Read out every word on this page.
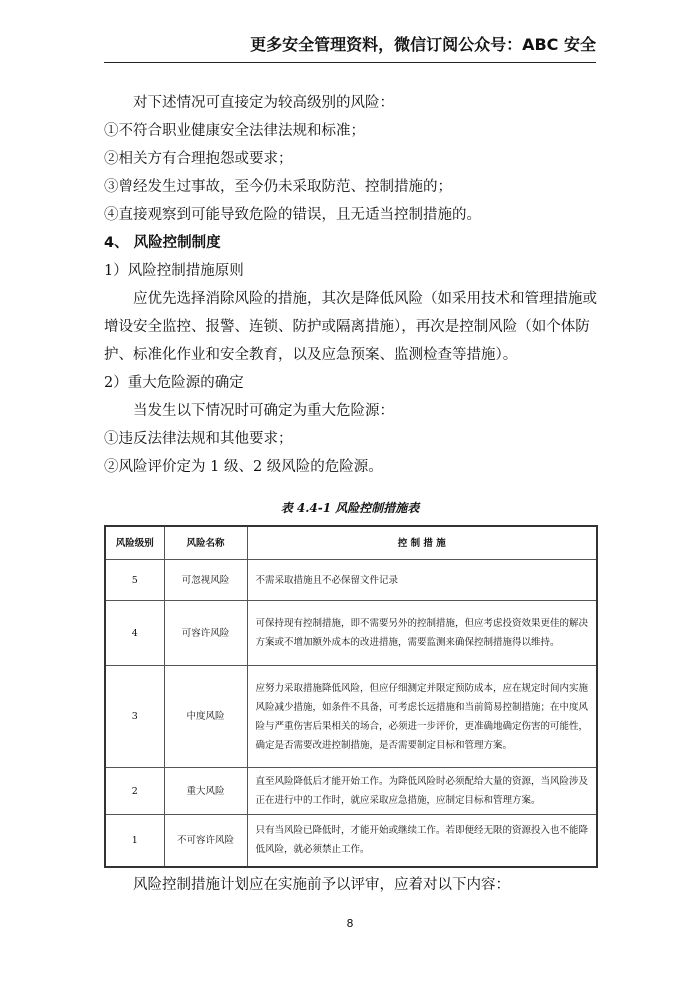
更多安全管理资料，微信订阅公众号：ABC 安全

对下述情况可直接定为较高级别的风险：

①不符合职业健康安全法律法规和标准；

②相关方有合理抱怨或要求；

③曾经发生过事故，至今仍未采取防范、控制措施的；

④直接观察到可能导致危险的错误，且无适当控制措施的。

4、 风险控制制度

1）风险控制措施原则

应优先选择消除风险的措施，其次是降低风险（如采用技术和管理措施或增设安全监控、报警、连锁、防护或隔离措施），再次是控制风险（如个体防护、标准化作业和安全教育，以及应急预案、监测检查等措施）。

2）重大危险源的确定

当发生以下情况时可确定为重大危险源：

①违反法律法规和其他要求；

②风险评价定为 1 级、2 级风险的危险源。

表 4.4-1 风险控制措施表
风险级别	风险名称	控 制 措 施
5	可忽视风险	不需采取措施且不必保留文件记录
4	可容许风险	可保持现有控制措施，即不需要另外的控制措施，但应考虑投资效果更佳的解决方案或不增加额外成本的改进措施，需要监测来确保控制措施得以维持。
3	中度风险	应努力采取措施降低风险，但应仔细测定并限定预防成本，应在规定时间内实施风险减少措施，如条件不具备，可考虑长远措施和当前简易控制措施；在中度风险与严重伤害后果相关的场合，必须进一步评价，更准确地确定伤害的可能性，确定是否需要改进控制措施，是否需要制定目标和管理方案。
2	重大风险	直至风险降低后才能开始工作。为降低风险时必须配给大量的资源，当风险涉及正在进行中的工作时，就应采取应急措施，应制定目标和管理方案。
1	不可容许风险	只有当风险已降低时，才能开始或继续工作。若即便经无限的资源投入也不能降低风险，就必须禁止工作。
风险控制措施计划应在实施前予以评审，应着对以下内容：
8
